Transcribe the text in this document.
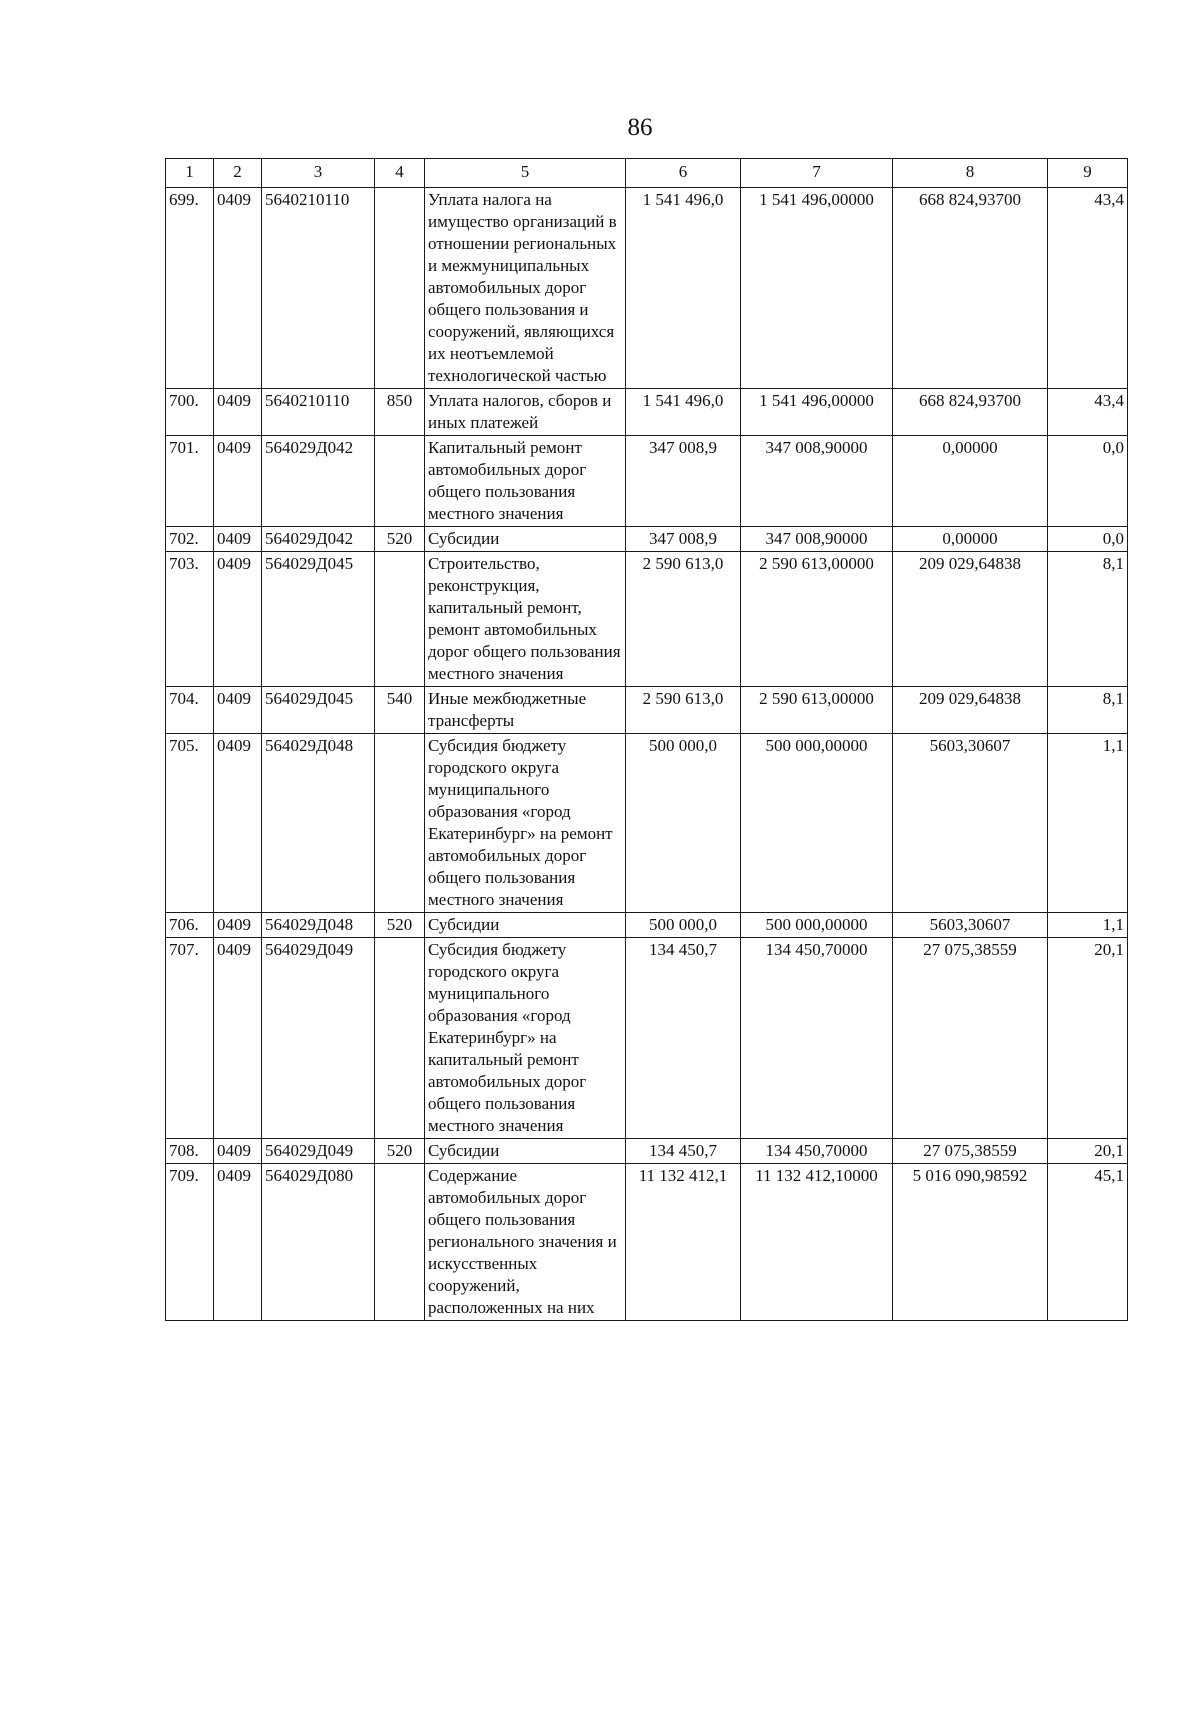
86
1	2	3	4	5	6	7	8	9
699.	0409	5640210110		Уплата налога на имущество организаций в отношении региональных и межмуниципальных автомобильных дорог общего пользования и сооружений, являющихся их неотъемлемой технологической частью	1 541 496,0	1 541 496,00000	668 824,93700	43,4
700.	0409	5640210110	850	Уплата налогов, сборов и иных платежей	1 541 496,0	1 541 496,00000	668 824,93700	43,4
701.	0409	564029Д042		Капитальный ремонт автомобильных дорог общего пользования местного значения	347 008,9	347 008,90000	0,00000	0,0
702.	0409	564029Д042	520	Субсидии	347 008,9	347 008,90000	0,00000	0,0
703.	0409	564029Д045		Строительство, реконструкция, капитальный ремонт, ремонт автомобильных дорог общего пользования местного значения	2 590 613,0	2 590 613,00000	209 029,64838	8,1
704.	0409	564029Д045	540	Иные межбюджетные трансферты	2 590 613,0	2 590 613,00000	209 029,64838	8,1
705.	0409	564029Д048		Субсидия бюджету городского округа муниципального образования «город Екатеринбург» на ремонт автомобильных дорог общего пользования местного значения	500 000,0	500 000,00000	5603,30607	1,1
706.	0409	564029Д048	520	Субсидии	500 000,0	500 000,00000	5603,30607	1,1
707.	0409	564029Д049		Субсидия бюджету городского округа муниципального образования «город Екатеринбург» на капитальный ремонт автомобильных дорог общего пользования местного значения	134 450,7	134 450,70000	27 075,38559	20,1
708.	0409	564029Д049	520	Субсидии	134 450,7	134 450,70000	27 075,38559	20,1
709.	0409	564029Д080		Содержание автомобильных дорог общего пользования регионального значения и искусственных сооружений, расположенных на них	11 132 412,1	11 132 412,10000	5 016 090,98592	45,1
